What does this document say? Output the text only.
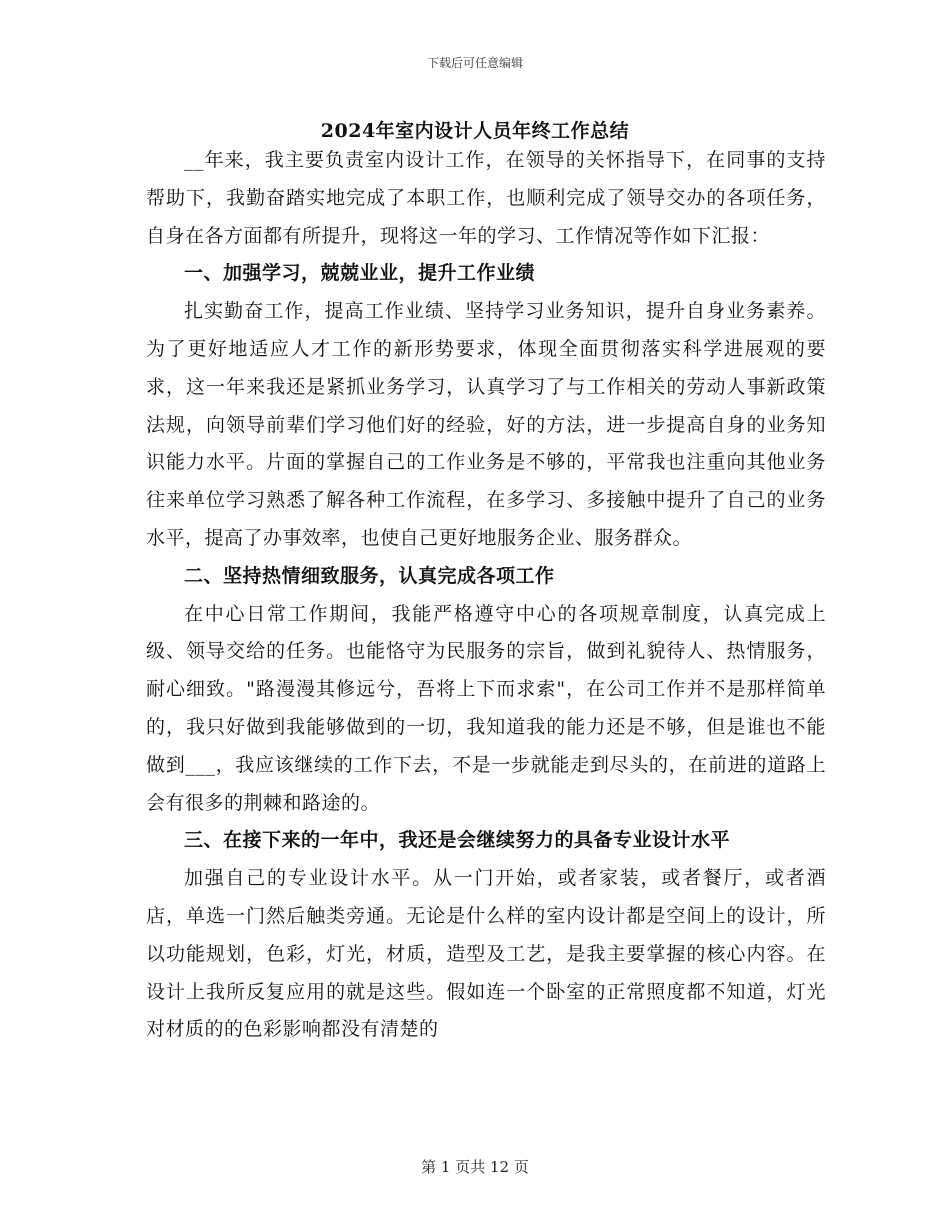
下载后可任意编辑
2024年室内设计人员年终工作总结

__年来，我主要负责室内设计工作，在领导的关怀指导下，在同事的支持帮助下，我勤奋踏实地完成了本职工作，也顺利完成了领导交办的各项任务，自身在各方面都有所提升，现将这一年的学习、工作情况等作如下汇报：

一、加强学习，兢兢业业，提升工作业绩

扎实勤奋工作，提高工作业绩、坚持学习业务知识，提升自身业务素养。为了更好地适应人才工作的新形势要求，体现全面贯彻落实科学进展观的要求，这一年来我还是紧抓业务学习，认真学习了与工作相关的劳动人事新政策法规，向领导前辈们学习他们好的经验，好的方法，进一步提高自身的业务知识能力水平。片面的掌握自己的工作业务是不够的，平常我也注重向其他业务往来单位学习熟悉了解各种工作流程，在多学习、多接触中提升了自己的业务水平，提高了办事效率，也使自己更好地服务企业、服务群众。

二、坚持热情细致服务，认真完成各项工作

在中心日常工作期间，我能严格遵守中心的各项规章制度，认真完成上级、领导交给的任务。也能恪守为民服务的宗旨，做到礼貌待人、热情服务，耐心细致。"路漫漫其修远兮，吾将上下而求索"，在公司工作并不是那样简单的，我只好做到我能够做到的一切，我知道我的能力还是不够，但是谁也不能做到___，我应该继续的工作下去，不是一步就能走到尽头的，在前进的道路上会有很多的荆棘和路途的。

三、在接下来的一年中，我还是会继续努力的具备专业设计水平

加强自己的专业设计水平。从一门开始，或者家装，或者餐厅，或者酒店，单选一门然后触类旁通。无论是什么样的室内设计都是空间上的设计，所以功能规划，色彩，灯光，材质，造型及工艺，是我主要掌握的核心内容。在设计上我所反复应用的就是这些。假如连一个卧室的正常照度都不知道，灯光对材质的的色彩影响都没有清楚的

第 1 页共 12 页
